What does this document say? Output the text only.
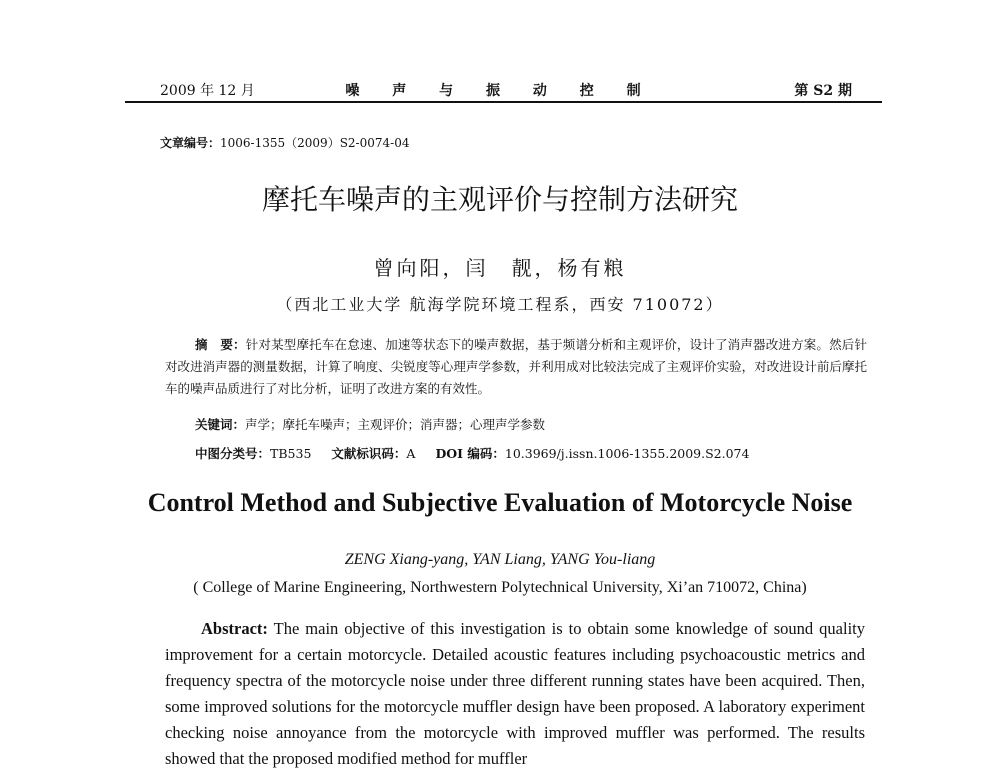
2009 年 12 月	噪 声 与 振 动 控 制	第 S2 期
文章编号：1006-1355（2009）S2-0074-04
摩托车噪声的主观评价与控制方法研究
曾向阳，闫　靓，杨有粮
（西北工业大学 航海学院环境工程系，西安 710072）

摘　要：针对某型摩托车在怠速、加速等状态下的噪声数据，基于频谱分析和主观评价，设计了消声器改进方案。然后针对改进消声器的测量数据，计算了响度、尖锐度等心理声学参数，并利用成对比较法完成了主观评价实验，对改进设计前后摩托车的噪声品质进行了对比分析，证明了改进方案的有效性。

关键词：声学；摩托车噪声；主观评价；消声器；心理声学参数
中图分类号：TB535 文献标识码：A DOI 编码：10.3969/j.issn.1006-1355.2009.S2.074
Control Method and Subjective Evaluation of Motorcycle Noise
ZENG Xiang-yang, YAN Liang, YANG You-liang
( College of Marine Engineering, Northwestern Polytechnical University, Xi’an 710072, China)

Abstract: The main objective of this investigation is to obtain some knowledge of sound quality improvement for a certain motorcycle. Detailed acoustic features including psychoacoustic metrics and frequency spectra of the motorcycle noise under three different running states have been acquired. Then, some improved solutions for the motorcycle muffler design have been proposed. A laboratory experiment checking noise annoyance from the motorcycle with improved muffler was performed. The results showed that the proposed modified method for muffler
